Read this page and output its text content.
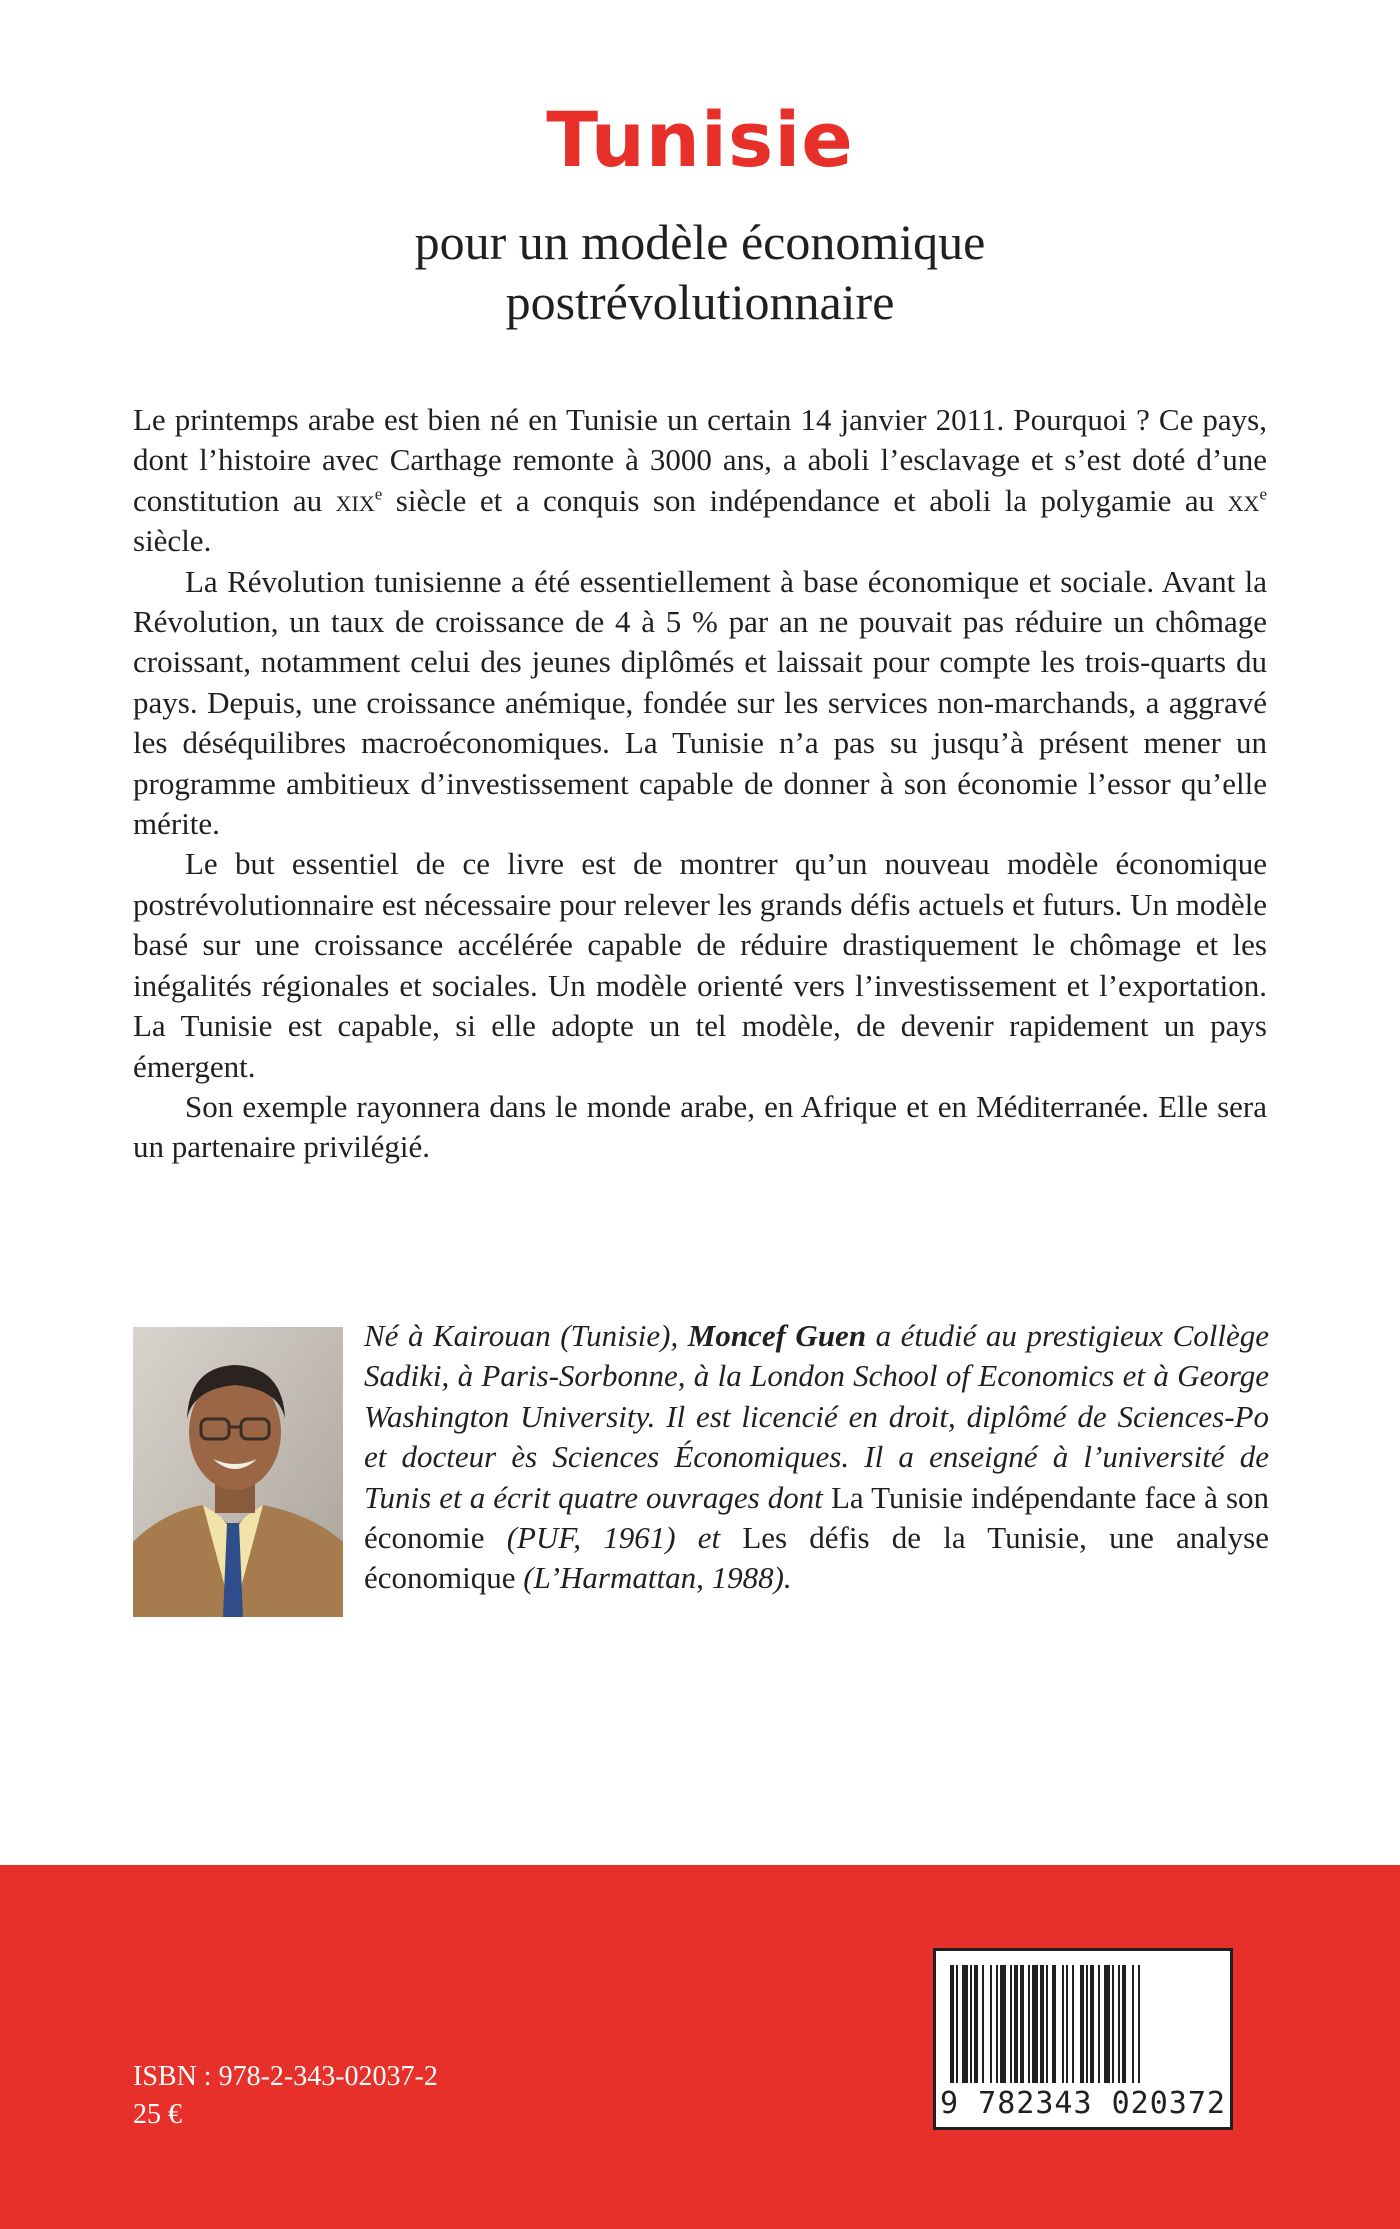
Tunisie
pour un modèle économique
postrévolutionnaire

Le printemps arabe est bien né en Tunisie un certain 14 janvier 2011. Pourquoi ? Ce pays, dont l’histoire avec Carthage remonte à 3000 ans, a aboli l’esclavage et s’est doté d’une constitution au xix$^e$ siècle et a conquis son indépendance et aboli la polygamie au $xx^e$ siècle.

La Révolution tunisienne a été essentiellement à base économique et sociale. Avant la Révolution, un taux de croissance de 4 à 5 % par an ne pouvait pas réduire un chômage croissant, notamment celui des jeunes diplômés et laissait pour compte les trois-quarts du pays. Depuis, une croissance anémique, fondée sur les services non-marchands, a aggravé les déséquilibres macroéconomiques. La Tunisie n’a pas su jusqu’à présent mener un programme ambitieux d’investissement capable de donner à son économie l’essor qu’elle mérite.

Le but essentiel de ce livre est de montrer qu’un nouveau modèle économique postrévolutionnaire est nécessaire pour relever les grands défis actuels et futurs. Un modèle basé sur une croissance accélérée capable de réduire drastiquement le chômage et les inégalités régionales et sociales. Un modèle orienté vers l’investissement et l’exportation. La Tunisie est capable, si elle adopte un tel modèle, de devenir rapidement un pays émergent.

Son exemple rayonnera dans le monde arabe, en Afrique et en Méditerranée. Elle sera un partenaire privilégié.

Né à Kairouan (Tunisie), Moncef Guen a étudié au prestigieux Collège Sadiki, à Paris-Sorbonne, à la London School of Economics et à George Washington University. Il est licencié en droit, diplômé de Sciences-Po et docteur ès Sciences Économiques. Il a enseigné à l’université de Tunis et a écrit quatre ouvrages dont La Tunisie indépendante face à son économie (PUF, 1961) et Les défis de la Tunisie, une analyse économique (L’Harmattan, 1988).

ISBN : 978-2-343-02037-2
25 €	9 782343 020372
